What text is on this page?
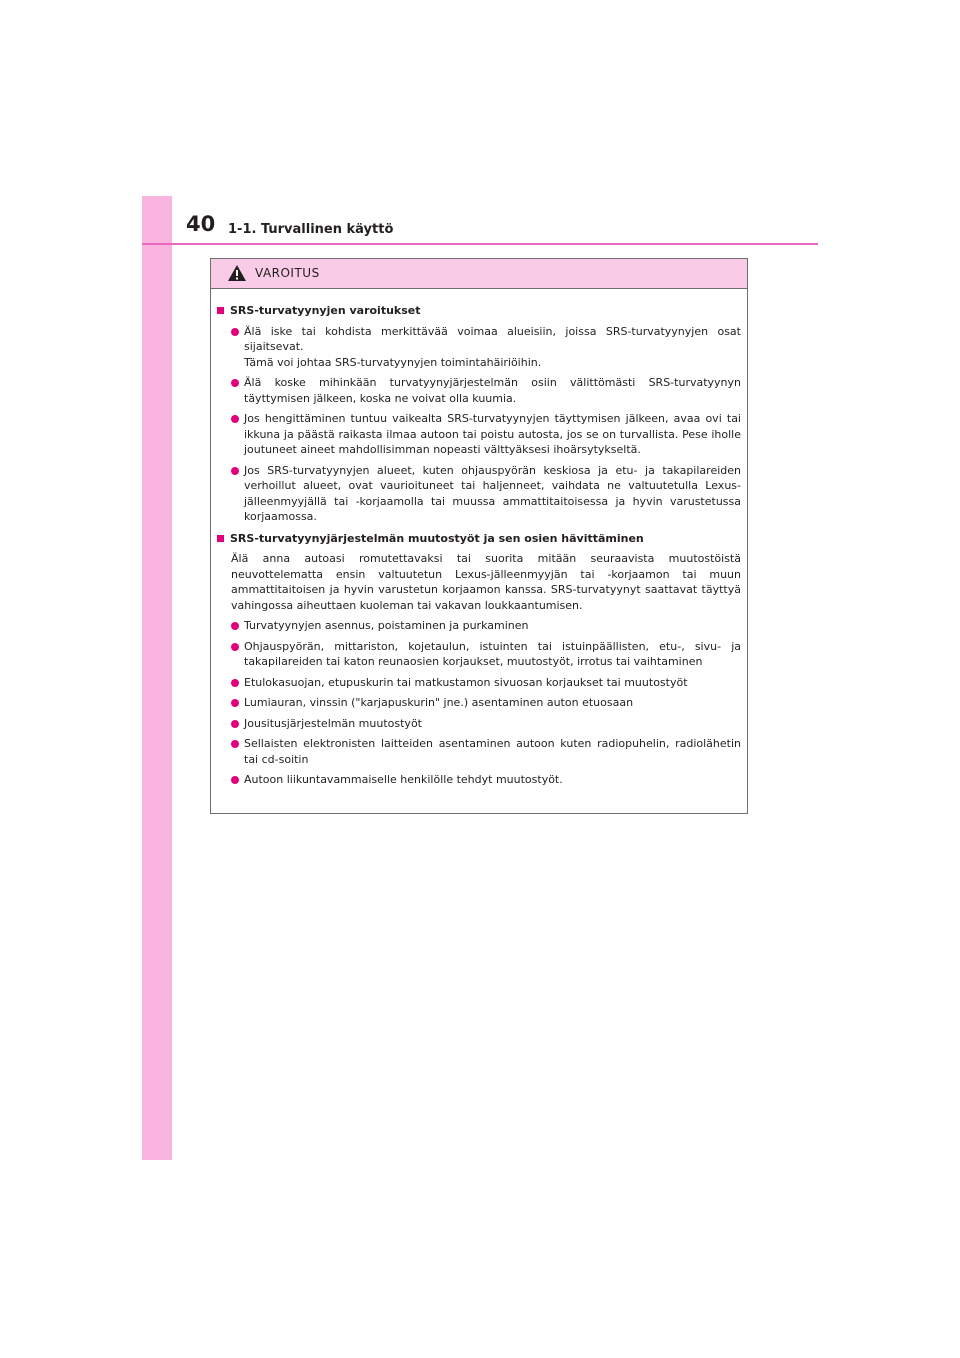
40 1-1. Turvallinen käyttö
VAROITUS
SRS-turvatyynyjen varoitukset
Älä iske tai kohdista merkittävää voimaa alueisiin, joissa SRS-turvatyynyjen osat sijaitsevat.
Tämä voi johtaa SRS-turvatyynyjen toimintahäiriöihin.
Älä koske mihinkään turvatyynyjärjestelmän osiin välittömästi SRS-turvatyynyn täyttymisen jälkeen, koska ne voivat olla kuumia.
Jos hengittäminen tuntuu vaikealta SRS-turvatyynyjen täyttymisen jälkeen, avaa ovi tai ikkuna ja päästä raikasta ilmaa autoon tai poistu autosta, jos se on turvallista. Pese iholle joutuneet aineet mahdollisimman nopeasti välttyäksesi ihoärsytykseltä.
Jos SRS-turvatyynyjen alueet, kuten ohjauspyörän keskiosa ja etu- ja takapilareiden verhoillut alueet, ovat vaurioituneet tai haljenneet, vaihdata ne valtuutetulla Lexus-jälleenmyyjällä tai -korjaamolla tai muussa ammattitaitoisessa ja hyvin varustetussa korjaamossa.
SRS-turvatyynyjärjestelmän muutostyöt ja sen osien hävittäminen
Älä anna autoasi romutettavaksi tai suorita mitään seuraavista muutostöistä neuvottelematta ensin valtuutetun Lexus-jälleenmyyjän tai -korjaamon tai muun ammattitaitoisen ja hyvin varustetun korjaamon kanssa. SRS-turvatyynyt saattavat täyttyä vahingossa aiheuttaen kuoleman tai vakavan loukkaantumisen.
Turvatyynyjen asennus, poistaminen ja purkaminen
Ohjauspyörän, mittariston, kojetaulun, istuinten tai istuinpäällisten, etu-, sivu- ja takapilareiden tai katon reunaosien korjaukset, muutostyöt, irrotus tai vaihtaminen
Etulokasuojan, etupuskurin tai matkustamon sivuosan korjaukset tai muutostyöt
Lumiauran, vinssin ("karjapuskurin" jne.) asentaminen auton etuosaan
Jousitusjärjestelmän muutostyöt
Sellaisten elektronisten laitteiden asentaminen autoon kuten radiopuhelin, radiolähetin tai cd-soitin
Autoon liikuntavammaiselle henkilölle tehdyt muutostyöt.
